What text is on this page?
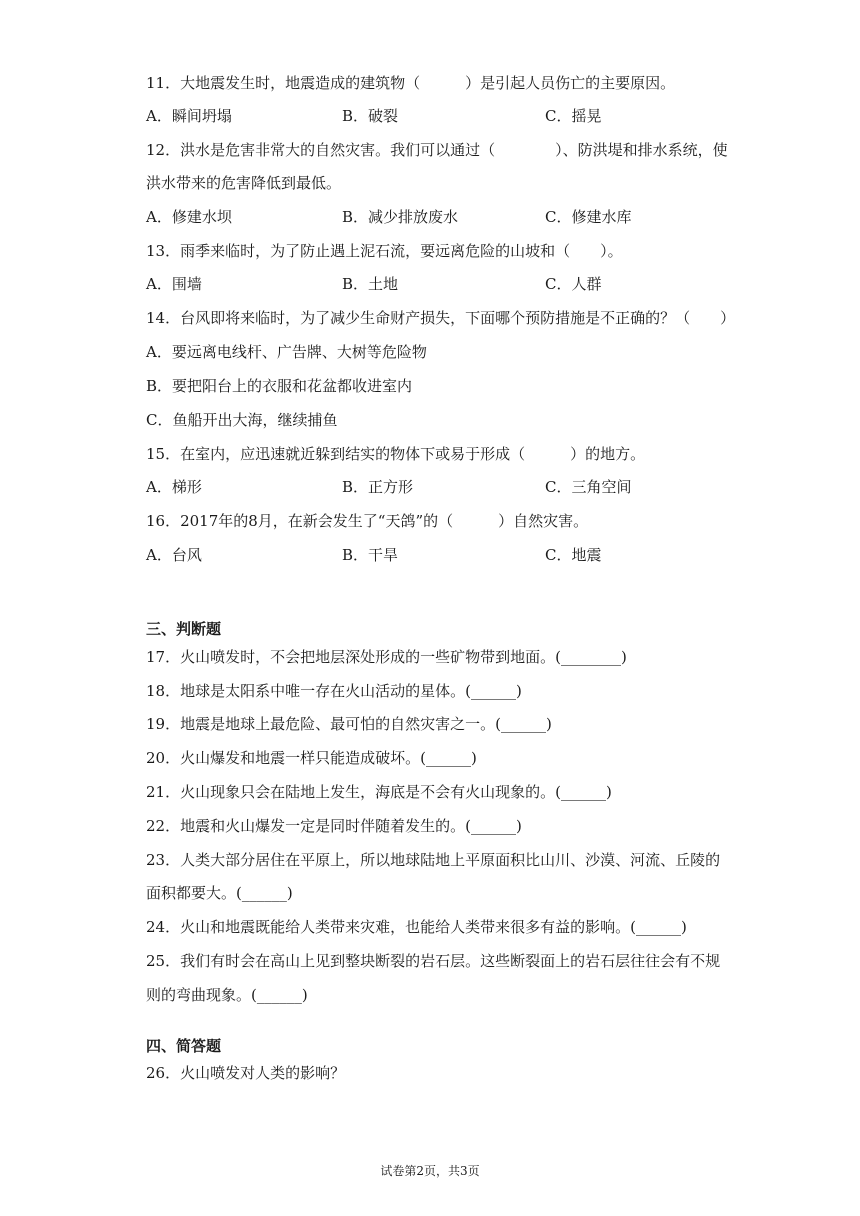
11．大地震发生时，地震造成的建筑物（　　　）是引起人员伤亡的主要原因。
A．瞬间坍塌	B．破裂	C．摇晃
12．洪水是危害非常大的自然灾害。我们可以通过（　　　　）、防洪堤和排水系统，使
洪水带来的危害降低到最低。
A．修建水坝	B．减少排放废水	C．修建水库
13．雨季来临时，为了防止遇上泥石流，要远离危险的山坡和（　　）。
A．围墙	B．土地	C．人群
14．台风即将来临时，为了减少生命财产损失，下面哪个预防措施是不正确的？（　　）
A．要远离电线杆、广告牌、大树等危险物
B．要把阳台上的衣服和花盆都收进室内
C．鱼船开出大海，继续捕鱼
15．在室内，应迅速就近躲到结实的物体下或易于形成（　　　）的地方。
A．梯形	B．正方形	C．三角空间
16．2017年的8月，在新会发生了“天鸽”的（　　　）自然灾害。
A．台风	B．干旱	C．地震
三、判断题
17．火山喷发时，不会把地层深处形成的一些矿物带到地面。(________)
18．地球是太阳系中唯一存在火山活动的星体。(______)
19．地震是地球上最危险、最可怕的自然灾害之一。(______)
20．火山爆发和地震一样只能造成破坏。(______)
21．火山现象只会在陆地上发生，海底是不会有火山现象的。(______)
22．地震和火山爆发一定是同时伴随着发生的。(______)
23．人类大部分居住在平原上，所以地球陆地上平原面积比山川、沙漠、河流、丘陵的
面积都要大。(______)
24．火山和地震既能给人类带来灾难，也能给人类带来很多有益的影响。(______)
25．我们有时会在高山上见到整块断裂的岩石层。这些断裂面上的岩石层往往会有不规
则的弯曲现象。(______)
四、简答题
26．火山喷发对人类的影响？
试卷第2页，共3页
